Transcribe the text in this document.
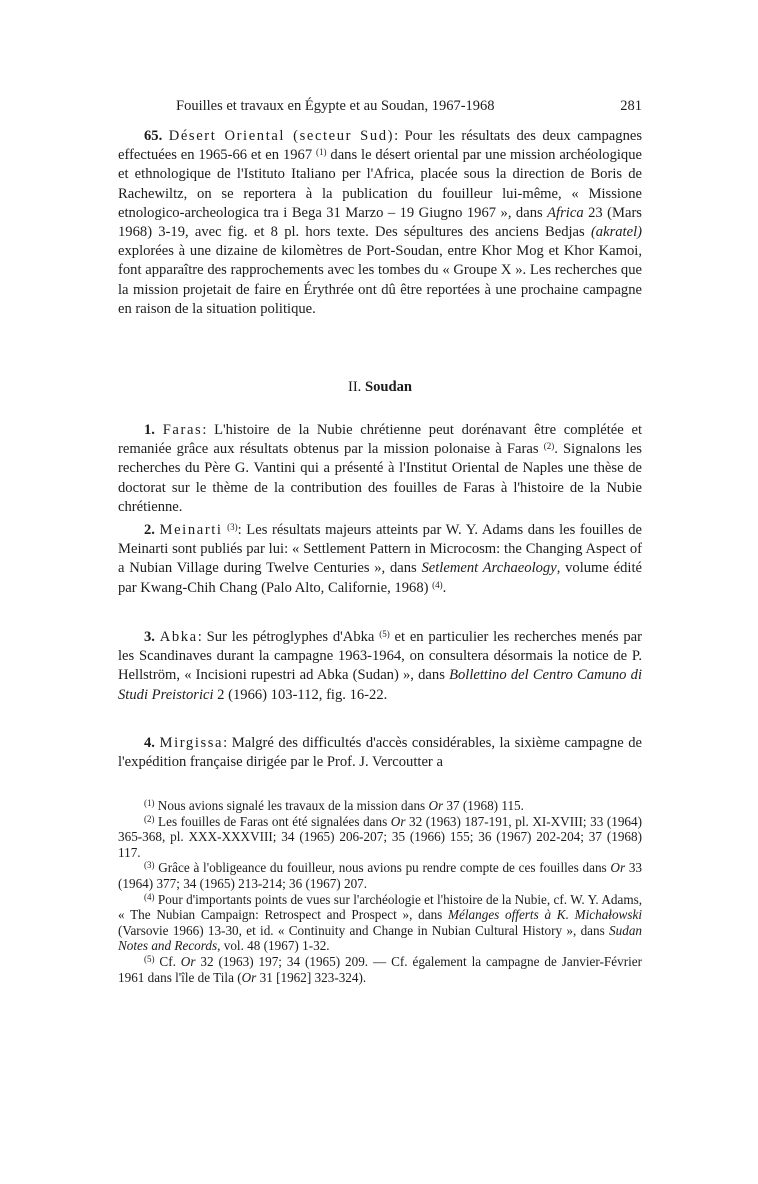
Fouilles et travaux en Égypte et au Soudan, 1967-1968	281

65. Désert Oriental (secteur Sud): Pour les résultats des deux campagnes effectuées en 1965-66 et en 1967 $^{(1)}$ dans le désert oriental par une mission archéologique et ethnologique de l'Istituto Italiano per l'Africa, placée sous la direction de Boris de Rachewiltz, on se reportera à la publication du fouilleur lui-même, « Missione etnologico-archeologica tra i Bega 31 Marzo – 19 Giugno 1967 », dans Africa 23 (Mars 1968) 3-19, avec fig. et 8 pl. hors texte. Des sépultures des anciens Bedjas (akratel) explorées à une dizaine de kilomètres de Port-Soudan, entre Khor Mog et Khor Kamoi, font apparaître des rapprochements avec les tombes du « Groupe X ». Les recherches que la mission projetait de faire en Érythrée ont dû être reportées à une prochaine campagne en raison de la situation politique.

II. Soudan

1. Faras: L'histoire de la Nubie chrétienne peut dorénavant être complétée et remaniée grâce aux résultats obtenus par la mission polonaise à Faras $^{(2)}$. Signalons les recherches du Père G. Vantini qui a présenté à l'Institut Oriental de Naples une thèse de doctorat sur le thème de la contribution des fouilles de Faras à l'histoire de la Nubie chrétienne.

2. Meinarti $^{(3)}$: Les résultats majeurs atteints par W. Y. Adams dans les fouilles de Meinarti sont publiés par lui: « Settlement Pattern in Microcosm: the Changing Aspect of a Nubian Village during Twelve Centuries », dans Setlement Archaeology, volume édité par Kwang-Chih Chang (Palo Alto, Californie, 1968) $^{(4)}$.

3. Abka: Sur les pétroglyphes d'Abka $^{(5)}$ et en particulier les recherches menés par les Scandinaves durant la campagne 1963-1964, on consultera désormais la notice de P. Hellström, « Incisioni rupestri ad Abka (Sudan) », dans Bollettino del Centro Camuno di Studi Preistorici 2 (1966) 103-112, fig. 16-22.

4. Mirgissa: Malgré des difficultés d'accès considérables, la sixième campagne de l'expédition française dirigée par le Prof. J. Vercoutter a

$^{(1)}$ Nous avions signalé les travaux de la mission dans Or 37 (1968) 115.

$^{(2)}$ Les fouilles de Faras ont été signalées dans Or 32 (1963) 187-191, pl. XI-XVIII; 33 (1964) 365-368, pl. XXX-XXXVIII; 34 (1965) 206-207; 35 (1966) 155; 36 (1967) 202-204; 37 (1968) 117.

$^{(3)}$ Grâce à l'obligeance du fouilleur, nous avions pu rendre compte de ces fouilles dans Or 33 (1964) 377; 34 (1965) 213-214; 36 (1967) 207.

$^{(4)}$ Pour d'importants points de vues sur l'archéologie et l'histoire de la Nubie, cf. W. Y. Adams, « The Nubian Campaign: Retrospect and Prospect », dans Mélanges offerts à K. Michałowski (Varsovie 1966) 13-30, et id. « Continuity and Change in Nubian Cultural History », dans Sudan Notes and Records, vol. 48 (1967) 1-32.

$^{(5)}$ Cf. Or 32 (1963) 197; 34 (1965) 209. — Cf. également la campagne de Janvier-Février 1961 dans l'île de Tila (Or 31 [1962] 323-324).
